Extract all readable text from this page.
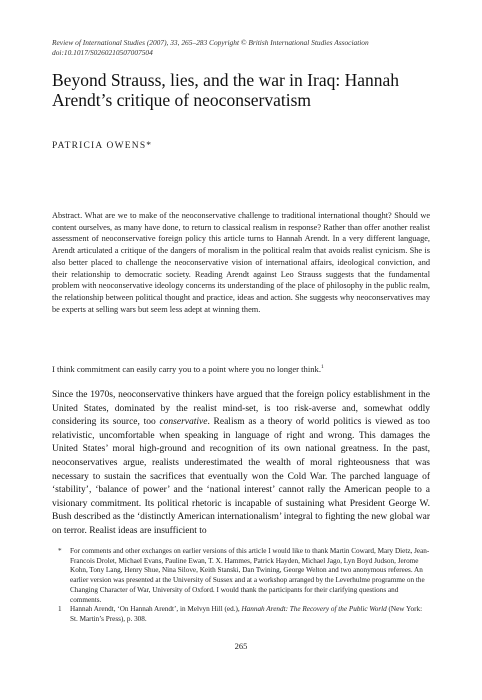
Review of International Studies (2007), 33, 265–283 Copyright © British International Studies Association
doi:10.1017/S0260210507007504
Beyond Strauss, lies, and the war in Iraq: Hannah Arendt’s critique of neoconservatism
PATRICIA OWENS*

Abstract. What are we to make of the neoconservative challenge to traditional international thought? Should we content ourselves, as many have done, to return to classical realism in response? Rather than offer another realist assessment of neoconservative foreign policy this article turns to Hannah Arendt. In a very different language, Arendt articulated a critique of the dangers of moralism in the political realm that avoids realist cynicism. She is also better placed to challenge the neoconservative vision of international affairs, ideological conviction, and their relationship to democratic society. Reading Arendt against Leo Strauss suggests that the fundamental problem with neoconservative ideology concerns its understanding of the place of philosophy in the public realm, the relationship between political thought and practice, ideas and action. She suggests why neoconservatives may be experts at selling wars but seem less adept at winning them.

I think commitment can easily carry you to a point where you no longer think.$^1$

Since the 1970s, neoconservative thinkers have argued that the foreign policy establishment in the United States, dominated by the realist mind-set, is too risk-averse and, somewhat oddly considering its source, too conservative. Realism as a theory of world politics is viewed as too relativistic, uncomfortable when speaking in language of right and wrong. This damages the United States’ moral high-ground and recognition of its own national greatness. In the past, neoconservatives argue, realists underestimated the wealth of moral righteousness that was necessary to sustain the sacrifices that eventually won the Cold War. The parched language of ‘stability’, ‘balance of power’ and the ‘national interest’ cannot rally the American people to a visionary commitment. Its political rhetoric is incapable of sustaining what President George W. Bush described as the ‘distinctly American internationalism’ integral to fighting the new global war on terror. Realist ideas are insufficient to

*	For comments and other exchanges on earlier versions of this article I would like to thank Martin Coward, Mary Dietz, Jean-Francois Drolet, Michael Evans, Pauline Ewan, T. X. Hammes, Patrick Hayden, Michael Jago, Lyn Boyd Judson, Jerome Kohn, Tony Lang, Henry Shue, Nina Silove, Keith Stanski, Dan Twining, George Welton and two anonymous referees. An earlier version was presented at the University of Sussex and at a workshop arranged by the Leverhulme programme on the Changing Character of War, University of Oxford. I would thank the participants for their clarifying questions and comments.
1	Hannah Arendt, ‘On Hannah Arendt’, in Melvyn Hill (ed.), Hannah Arendt: The Recovery of the Public World (New York: St. Martin’s Press), p. 308.
265
